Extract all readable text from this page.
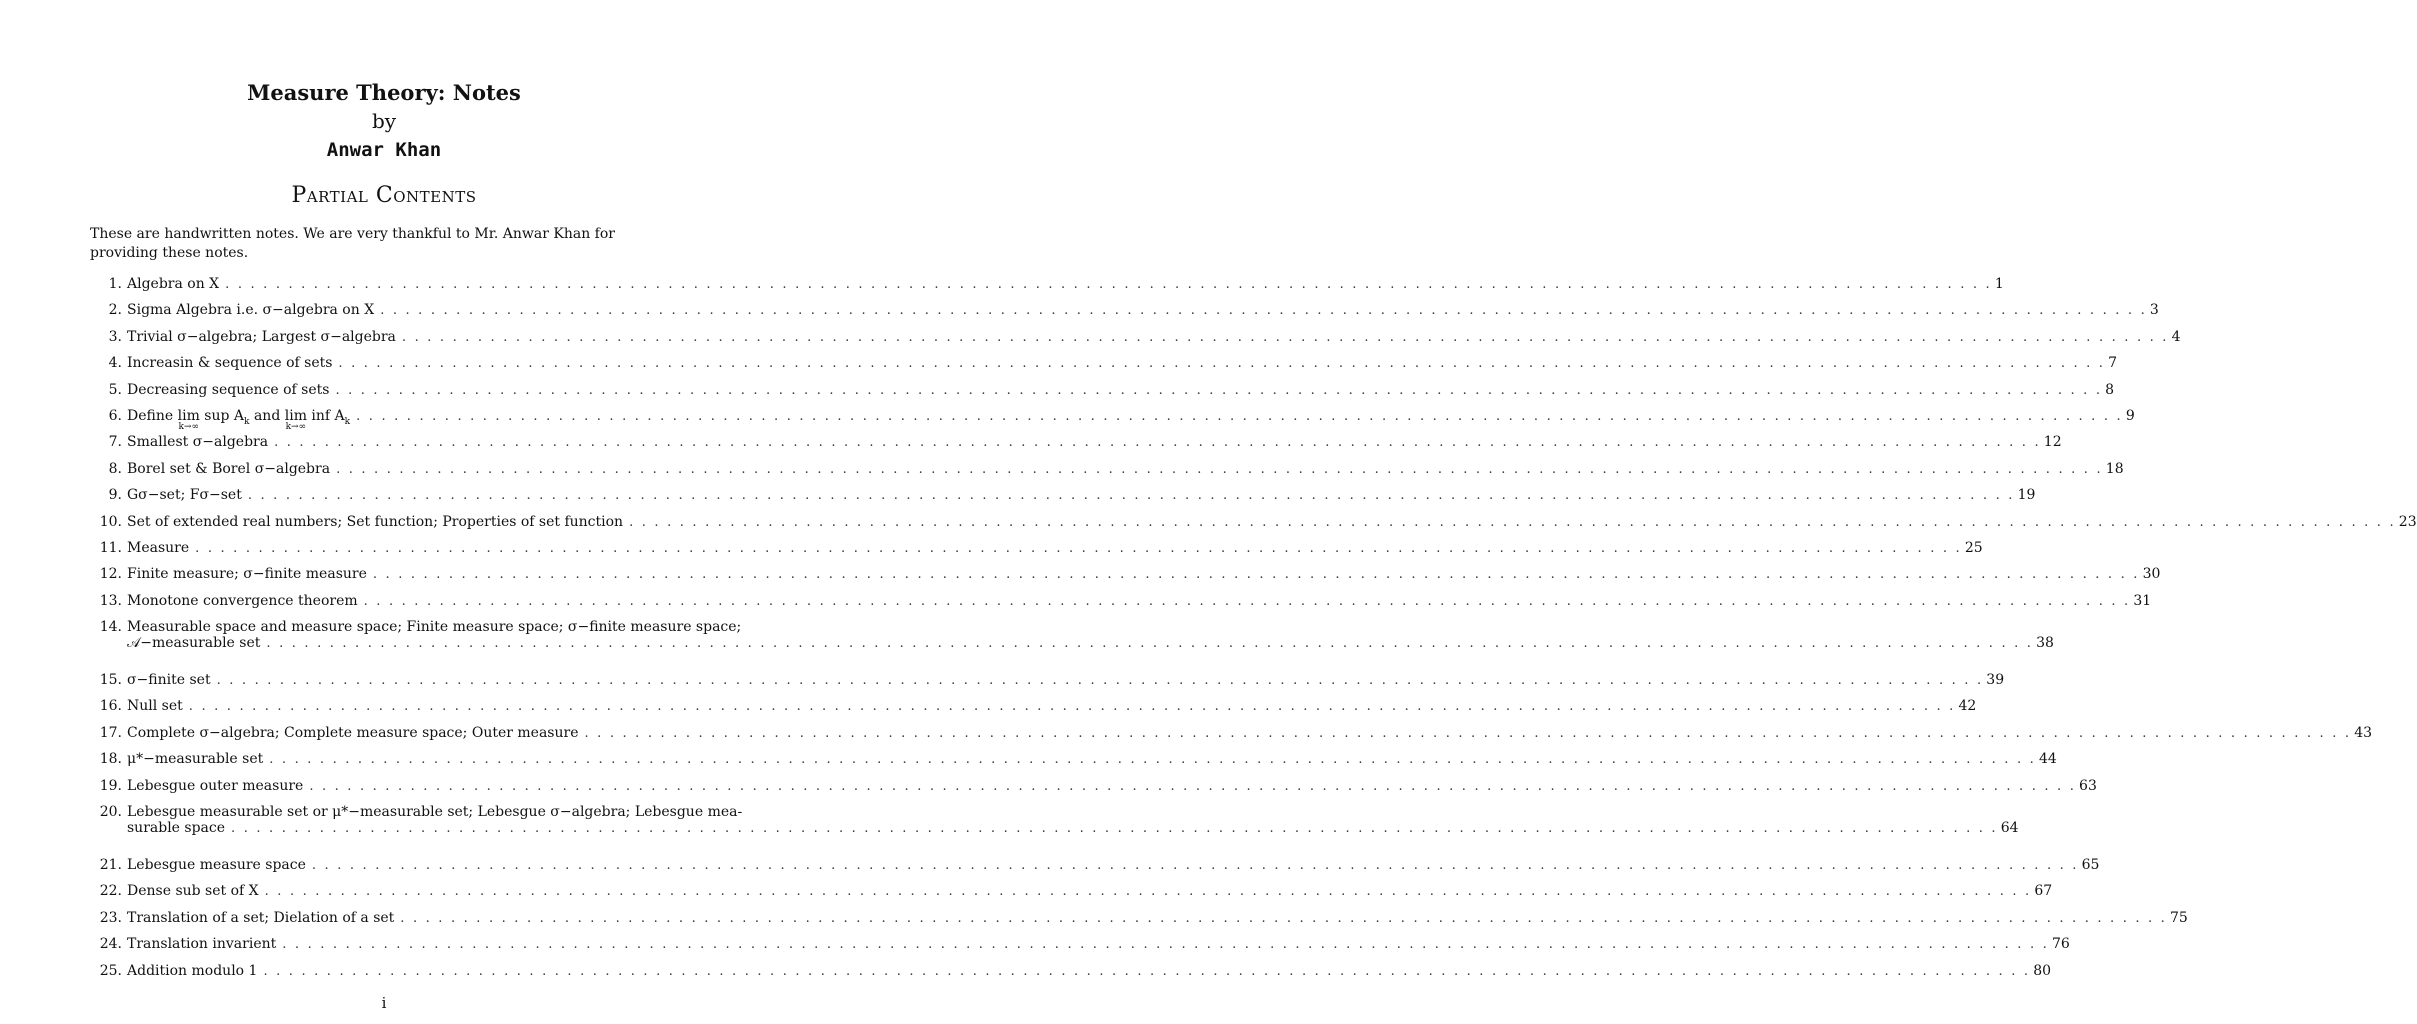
Measure Theory: Notes
by
Anwar Khan
Partial Contents
These are handwritten notes. We are very thankful to Mr. Anwar Khan for providing these notes.
1. Algebra on X . . .	1
2. Sigma Algebra i.e. σ−algebra on X . . .	3
3. Trivial σ−algebra; Largest σ−algebra . . .	4
4. Increasin & sequence of sets . . .	7
5. Decreasing sequence of sets . . .	8
6. Define lim
k→∞
sup $A_k$ and lim
k→∞
inf $A_k$ . . .	9
7. Smallest σ−algebra . . .	12
8. Borel set & Borel σ−algebra . . .	18
9. Gσ−set; Fσ−set . . .	19
10. Set of extended real numbers; Set function; Properties of set function . . .	23
11. Measure . . .	25
12. Finite measure; σ−finite measure . . .	30
13. Monotone convergence theorem . . .	31
14. Measurable space and measure space; Finite measure space; σ−finite measure space;
𝒜−measurable set . . .	38
15. σ−finite set . . .	39
16. Null set . . .	42
17. Complete σ−algebra; Complete measure space; Outer measure . . .	43
18. μ*−measurable set . . .	44
19. Lebesgue outer measure . . .	63
20. Lebesgue measurable set or μ*−measurable set; Lebesgue σ−algebra; Lebesgue mea-
surable space . . .	64
21. Lebesgue measure space . . .	65
22. Dense sub set of X . . .	67
23. Translation of a set; Dielation of a set . . .	75
24. Translation invarient . . .	76
25. Addition modulo 1 . . .	80
i
